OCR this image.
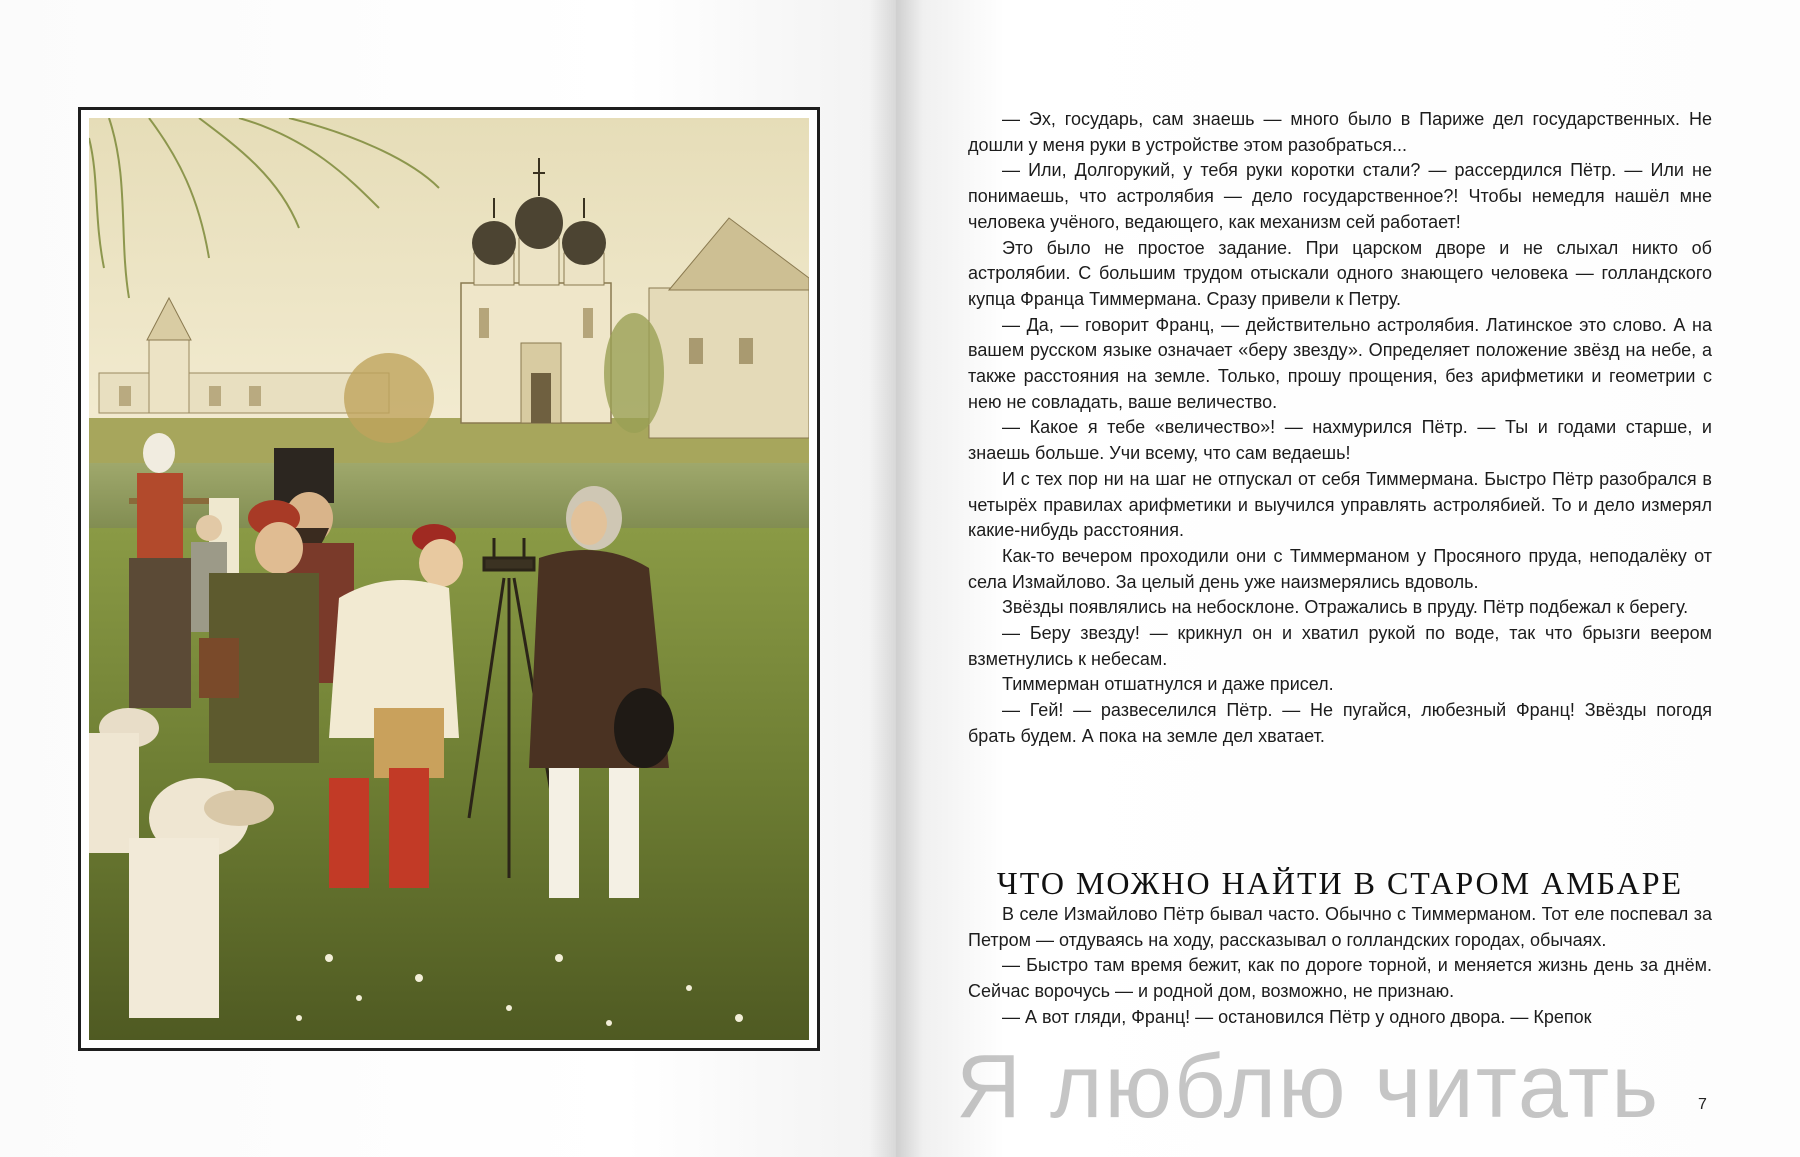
— Эх, государь, сам знаешь — много было в Париже дел государственных. Не дошли у меня руки в устройстве этом разобраться...

— Или, Долгорукий, у тебя руки коротки стали? — рассердился Пётр. — Или не понимаешь, что астролябия — дело государственное?! Чтобы немедля нашёл мне человека учёного, ведающего, как механизм сей работает!

Это было не простое задание. При царском дворе и не слыхал никто об астролябии. С большим трудом отыскали одного знающего человека — голландского купца Франца Тиммермана. Сразу привели к Петру.

— Да, — говорит Франц, — действительно астролябия. Латинское это слово. А на вашем русском языке означает «беру звезду». Определяет положение звёзд на небе, а также расстояния на земле. Только, прошу прощения, без арифметики и геометрии с нею не совладать, ваше величество.

— Какое я тебе «величество»! — нахмурился Пётр. — Ты и годами старше, и знаешь больше. Учи всему, что сам ведаешь!

И с тех пор ни на шаг не отпускал от себя Тиммермана. Быстро Пётр разобрался в четырёх правилах арифметики и выучился управлять астролябией. То и дело измерял какие-нибудь расстояния.

Как-то вечером проходили они с Тиммерманом у Просяного пруда, неподалёку от села Измайлово. За целый день уже наизмерялись вдоволь.

Звёзды появлялись на небосклоне. Отражались в пруду. Пётр подбежал к берегу.

— Беру звезду! — крикнул он и хватил рукой по воде, так что брызги веером взметнулись к небесам.

Тиммерман отшатнулся и даже присел.

— Гей! — развеселился Пётр. — Не пугайся, любезный Франц! Звёзды погодя брать будем. А пока на земле дел хватает.

ЧТО МОЖНО НАЙТИ В СТАРОМ АМБАРЕ

В селе Измайлово Пётр бывал часто. Обычно с Тиммерманом. Тот еле поспевал за Петром — отдуваясь на ходу, рассказывал о голландских городах, обычаях.

— Быстро там время бежит, как по дороге торной, и меняется жизнь день за днём. Сейчас ворочусь — и родной дом, возможно, не признаю.

— А вот гляди, Франц! — остановился Пётр у одного двора. — Крепок

7
Я люблю читать
